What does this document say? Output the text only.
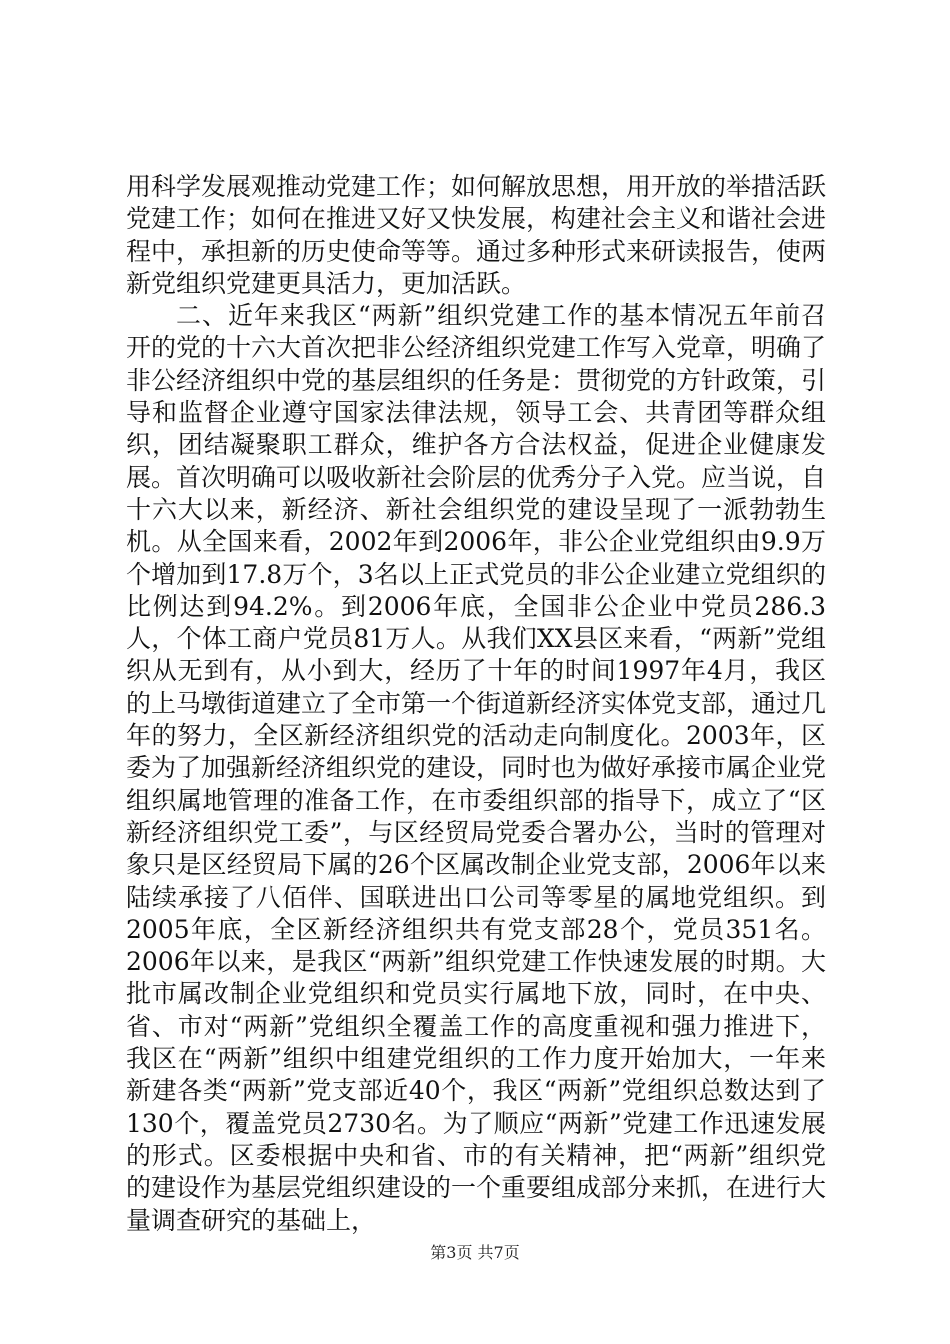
用科学发展观推动党建工作；如何解放思想，用开放的举措活跃党建工作；如何在推进又好又快发展，构建社会主义和谐社会进程中，承担新的历史使命等等。通过多种形式来研读报告，使两新党组织党建更具活力，更加活跃。

二、近年来我区“两新”组织党建工作的基本情况五年前召开的党的十六大首次把非公经济组织党建工作写入党章，明确了非公经济组织中党的基层组织的任务是：贯彻党的方针政策，引导和监督企业遵守国家法律法规，领导工会、共青团等群众组织，团结凝聚职工群众，维护各方合法权益，促进企业健康发展。首次明确可以吸收新社会阶层的优秀分子入党。应当说，自十六大以来，新经济、新社会组织党的建设呈现了一派勃勃生机。从全国来看，2002年到2006年，非公企业党组织由9.9万个增加到17.8万个，3名以上正式党员的非公企业建立党组织的比例达到94.2%。到2006年底，全国非公企业中党员286.3人，个体工商户党员81万人。从我们XX县区来看，“两新”党组织从无到有，从小到大，经历了十年的时间1997年4月，我区的上马墩街道建立了全市第一个街道新经济实体党支部，通过几年的努力，全区新经济组织党的活动走向制度化。2003年，区委为了加强新经济组织党的建设，同时也为做好承接市属企业党组织属地管理的准备工作，在市委组织部的指导下，成立了“区新经济组织党工委”，与区经贸局党委合署办公，当时的管理对象只是区经贸局下属的26个区属改制企业党支部，2006年以来陆续承接了八佰伴、国联进出口公司等零星的属地党组织。到2005年底，全区新经济组织共有党支部28个，党员351名。2006年以来，是我区“两新”组织党建工作快速发展的时期。大批市属改制企业党组织和党员实行属地下放，同时，在中央、省、市对“两新”党组织全覆盖工作的高度重视和强力推进下，我区在“两新”组织中组建党组织的工作力度开始加大，一年来新建各类“两新”党支部近40个，我区“两新”党组织总数达到了130个，覆盖党员2730名。为了顺应“两新”党建工作迅速发展的形式。区委根据中央和省、市的有关精神，把“两新”组织党的建设作为基层党组织建设的一个重要组成部分来抓，在进行大量调查研究的基础上，

第3页 共7页
